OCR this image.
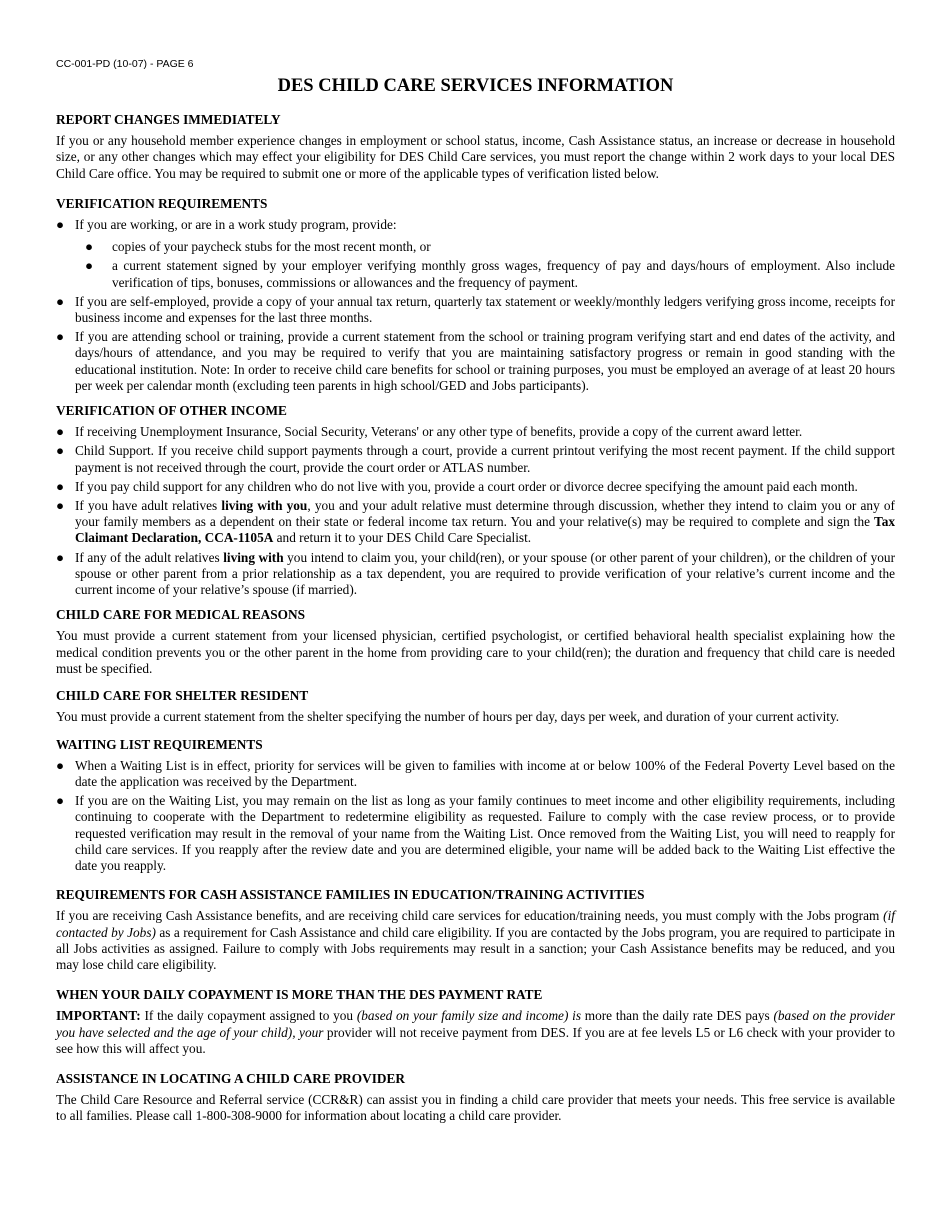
CC-001-PD (10-07) - PAGE 6
DES CHILD CARE SERVICES INFORMATION
REPORT CHANGES IMMEDIATELY

If you or any household member experience changes in employment or school status, income, Cash Assistance status, an increase or decrease in household size, or any other changes which may effect your eligibility for DES Child Care services, you must report the change within 2 work days to your local DES Child Care office. You may be required to submit one or more of the applicable types of verification listed below.

VERIFICATION REQUIREMENTS
● If you are working, or are in a work study program, provide:
● copies of your paycheck stubs for the most recent month, or
● a current statement signed by your employer verifying monthly gross wages, frequency of pay and days/hours of employment. Also include verification of tips, bonuses, commissions or allowances and the frequency of payment.
● If you are self-employed, provide a copy of your annual tax return, quarterly tax statement or weekly/monthly ledgers verifying gross income, receipts for business income and expenses for the last three months.
● If you are attending school or training, provide a current statement from the school or training program verifying start and end dates of the activity, and days/hours of attendance, and you may be required to verify that you are maintaining satisfactory progress or remain in good standing with the educational institution. Note: In order to receive child care benefits for school or training purposes, you must be employed an average of at least 20 hours per week per calendar month (excluding teen parents in high school/GED and Jobs participants).
VERIFICATION OF OTHER INCOME
● If receiving Unemployment Insurance, Social Security, Veterans' or any other type of benefits, provide a copy of the current award letter.
● Child Support. If you receive child support payments through a court, provide a current printout verifying the most recent payment. If the child support payment is not received through the court, provide the court order or ATLAS number.
● If you pay child support for any children who do not live with you, provide a court order or divorce decree specifying the amount paid each month.
● If you have adult relatives living with you, you and your adult relative must determine through discussion, whether they intend to claim you or any of your family members as a dependent on their state or federal income tax return. You and your relative(s) may be required to complete and sign the Tax Claimant Declaration, CCA-1105A and return it to your DES Child Care Specialist.
● If any of the adult relatives living with you intend to claim you, your child(ren), or your spouse (or other parent of your children), or the children of your spouse or other parent from a prior relationship as a tax dependent, you are required to provide verification of your relative’s current income and the current income of your relative’s spouse (if married).
CHILD CARE FOR MEDICAL REASONS

You must provide a current statement from your licensed physician, certified psychologist, or certified behavioral health specialist explaining how the medical condition prevents you or the other parent in the home from providing care to your child(ren); the duration and frequency that child care is needed must be specified.

CHILD CARE FOR SHELTER RESIDENT

You must provide a current statement from the shelter specifying the number of hours per day, days per week, and duration of your current activity.

WAITING LIST REQUIREMENTS
● When a Waiting List is in effect, priority for services will be given to families with income at or below 100% of the Federal Poverty Level based on the date the application was received by the Department.
● If you are on the Waiting List, you may remain on the list as long as your family continues to meet income and other eligibility requirements, including continuing to cooperate with the Department to redetermine eligibility as requested. Failure to comply with the case review process, or to provide requested verification may result in the removal of your name from the Waiting List. Once removed from the Waiting List, you will need to reapply for child care services. If you reapply after the review date and you are determined eligible, your name will be added back to the Waiting List effective the date you reapply.
REQUIREMENTS FOR CASH ASSISTANCE FAMILIES IN EDUCATION/TRAINING ACTIVITIES

If you are receiving Cash Assistance benefits, and are receiving child care services for education/training needs, you must comply with the Jobs program (if contacted by Jobs) as a requirement for Cash Assistance and child care eligibility. If you are contacted by the Jobs program, you are required to participate in all Jobs activities as assigned. Failure to comply with Jobs requirements may result in a sanction; your Cash Assistance benefits may be reduced, and you may lose child care eligibility.

WHEN YOUR DAILY COPAYMENT IS MORE THAN THE DES PAYMENT RATE

IMPORTANT: If the daily copayment assigned to you (based on your family size and income) is more than the daily rate DES pays (based on the provider you have selected and the age of your child), your provider will not receive payment from DES. If you are at fee levels L5 or L6 check with your provider to see how this will affect you.

ASSISTANCE IN LOCATING A CHILD CARE PROVIDER

The Child Care Resource and Referral service (CCR&R) can assist you in finding a child care provider that meets your needs. This free service is available to all families. Please call 1-800-308-9000 for information about locating a child care provider.
